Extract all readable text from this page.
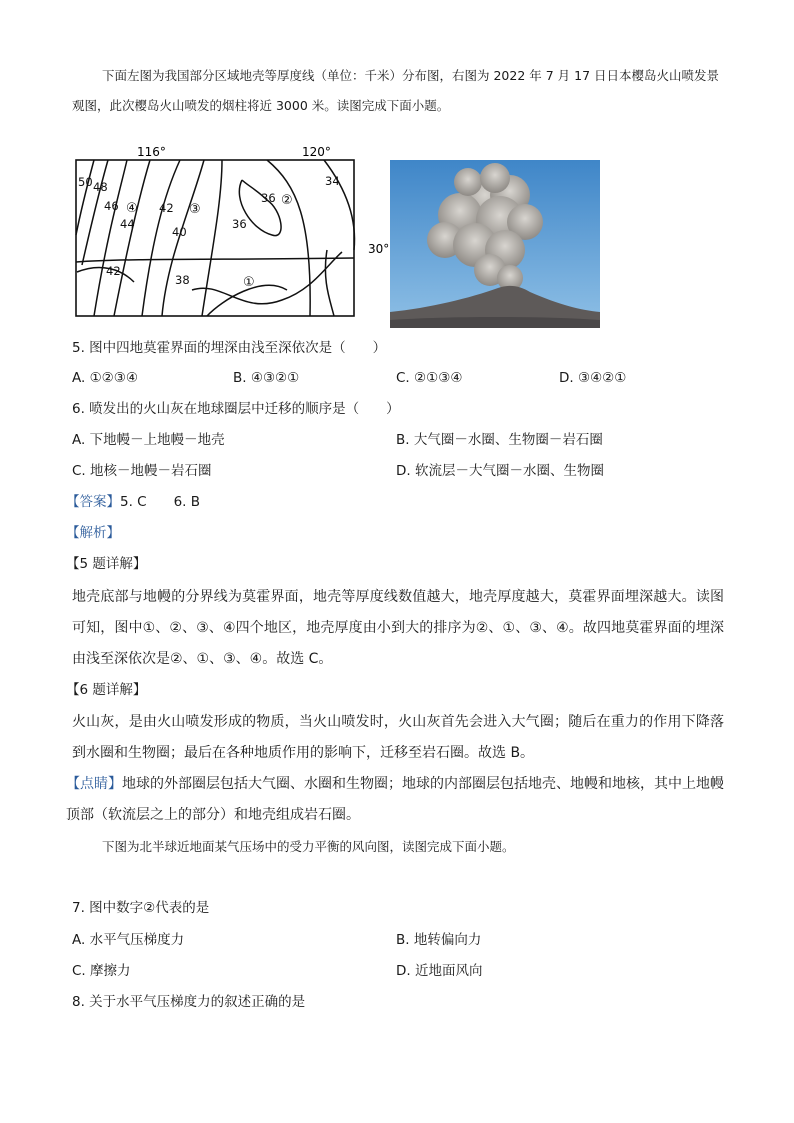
下面左图为我国部分区域地壳等厚度线（单位：千米）分布图，右图为 2022 年 7 月 17 日日本樱岛火山喷发景观图，此次樱岛火山喷发的烟柱将近 3000 米。读图完成下面小题。
116°	120°
30°
50 48
46
44
42
40
36
36
34
42
38
④	③
②
①
5. 图中四地莫霍界面的埋深由浅至深依次是（　　）
A. ①②③④	B. ④③②①	C. ②①③④	D. ③④②①
6. 喷发出的火山灰在地球圈层中迁移的顺序是（　　）
A. 下地幔－上地幔－地壳	B. 大气圈－水圈、生物圈－岩石圈
C. 地核－地幔－岩石圈	D. 软流层－大气圈－水圈、生物圈
【答案】5. C　　6. B
【解析】
【5 题详解】
地壳底部与地幔的分界线为莫霍界面，地壳等厚度线数值越大，地壳厚度越大，莫霍界面埋深越大。读图可知，图中①、②、③、④四个地区，地壳厚度由小到大的排序为②、①、③、④。故四地莫霍界面的埋深由浅至深依次是②、①、③、④。故选 C。
【6 题详解】
火山灰，是由火山喷发形成的物质，当火山喷发时，火山灰首先会进入大气圈；随后在重力的作用下降落到水圈和生物圈；最后在各种地质作用的影响下，迁移至岩石圈。故选 B。
【点睛】地球的外部圈层包括大气圈、水圈和生物圈；地球的内部圈层包括地壳、地幔和地核，其中上地幔顶部（软流层之上的部分）和地壳组成岩石圈。
下图为北半球近地面某气压场中的受力平衡的风向图，读图完成下面小题。
7. 图中数字②代表的是
A. 水平气压梯度力	B. 地转偏向力
C. 摩擦力	D. 近地面风向
8. 关于水平气压梯度力的叙述正确的是
